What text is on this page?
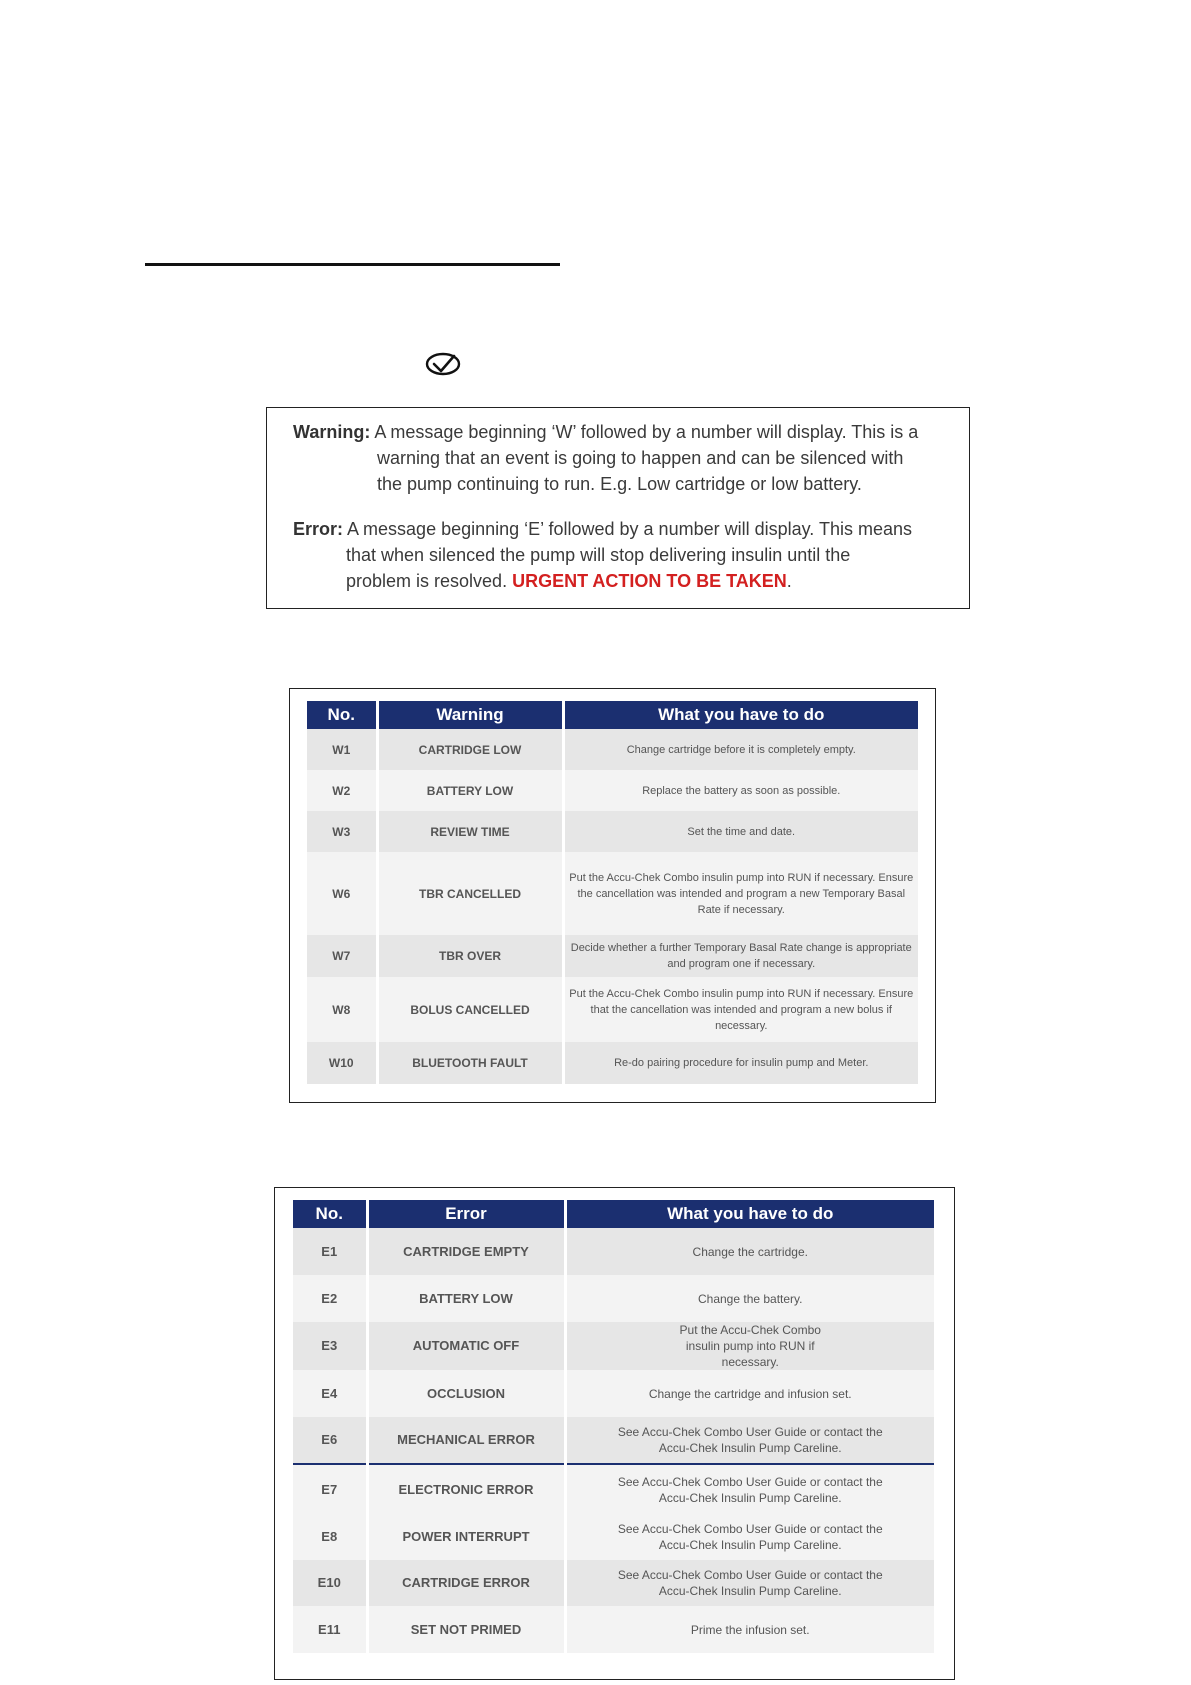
Warning: A message beginning ‘W’ followed by a number will display. This is a
warning that an event is going to happen and can be silenced with
the pump continuing to run. E.g. Low cartridge or low battery.
Error: A message beginning ‘E’ followed by a number will display. This means
that when silenced the pump will stop delivering insulin until the
problem is resolved. URGENT ACTION TO BE TAKEN.
No.	Warning	What you have to do
W1	CARTRIDGE LOW	Change cartridge before it is completely empty.
W2	BATTERY LOW	Replace the battery as soon as possible.
W3	REVIEW TIME	Set the time and date.
W6	TBR CANCELLED	Put the Accu-Chek Combo insulin pump into RUN if necessary. Ensure the cancellation was intended and program a new Temporary Basal Rate if necessary.
W7	TBR OVER	Decide whether a further Temporary Basal Rate change is appropriate and program one if necessary.
W8	BOLUS CANCELLED	Put the Accu-Chek Combo insulin pump into RUN if necessary. Ensure that the cancellation was intended and program a new bolus if necessary.
W10	BLUETOOTH FAULT	Re-do pairing procedure for insulin pump and Meter.
No.	Error	What you have to do
E1	CARTRIDGE EMPTY	Change the cartridge.
E2	BATTERY LOW	Change the battery.
E3	AUTOMATIC OFF	Put the Accu-Chek Combo insulin pump into RUN if necessary.
E4	OCCLUSION	Change the cartridge and infusion set.
E6	MECHANICAL ERROR	See Accu-Chek Combo User Guide or contact the Accu-Chek Insulin Pump Careline.
E7	ELECTRONIC ERROR	See Accu-Chek Combo User Guide or contact the Accu-Chek Insulin Pump Careline.
E8	POWER INTERRUPT	See Accu-Chek Combo User Guide or contact the Accu-Chek Insulin Pump Careline.
E10	CARTRIDGE ERROR	See Accu-Chek Combo User Guide or contact the Accu-Chek Insulin Pump Careline.
E11	SET NOT PRIMED	Prime the infusion set.
